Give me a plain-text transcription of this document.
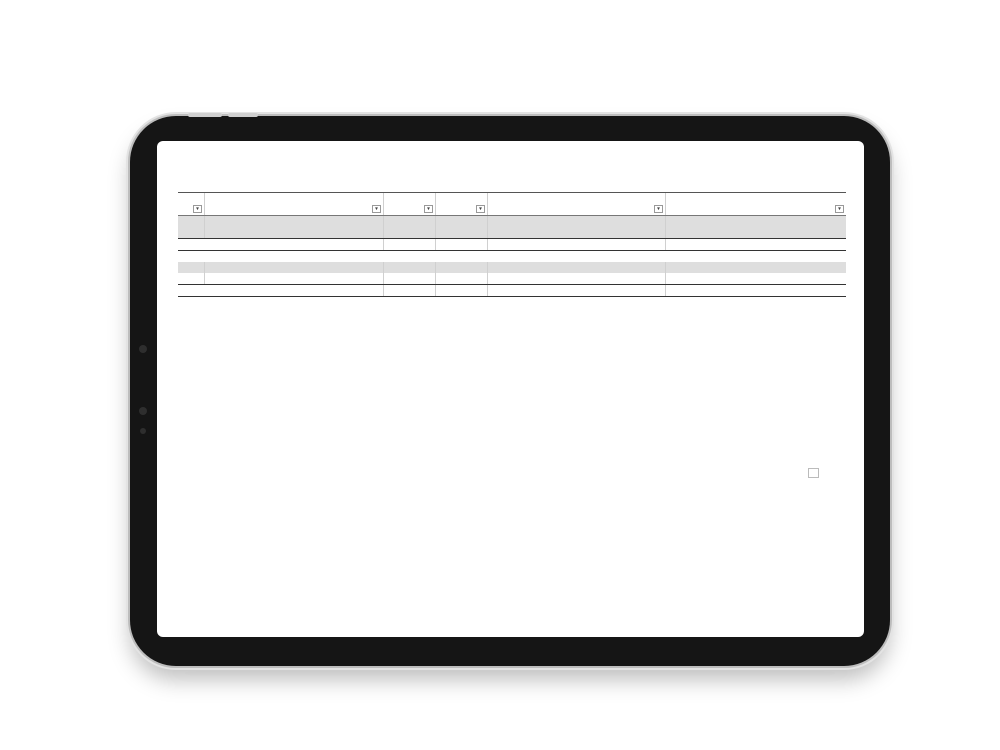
▾	▾	▾	▾	▾	▾
